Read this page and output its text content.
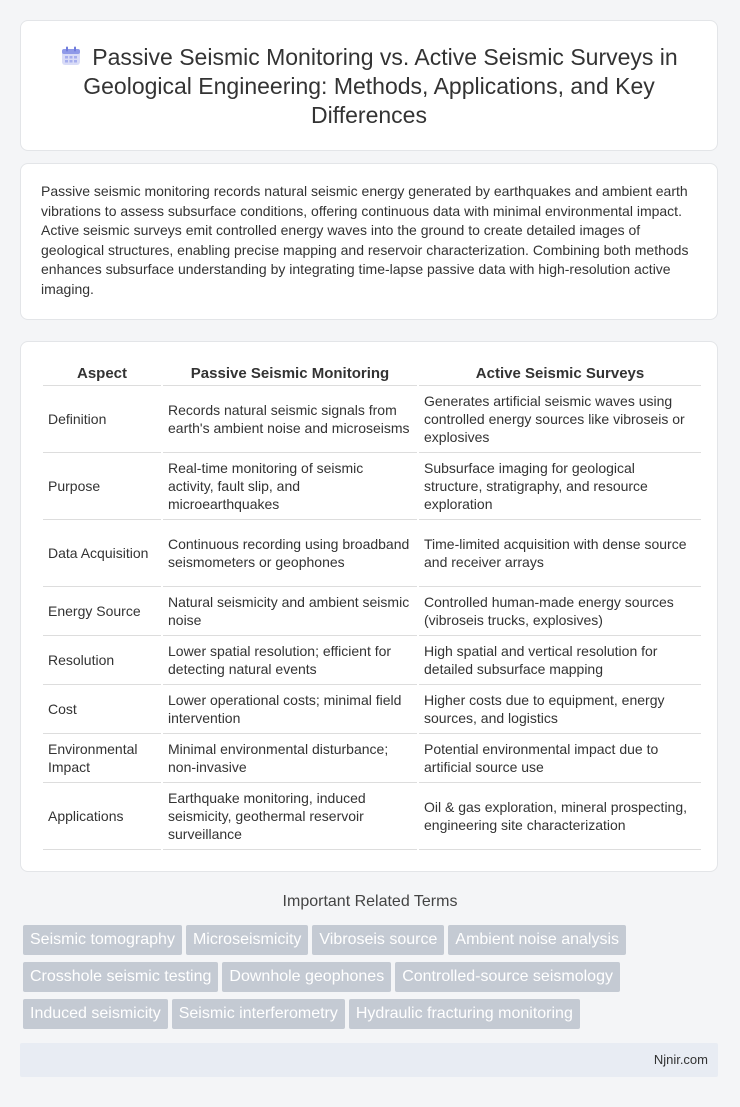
Passive Seismic Monitoring vs. Active Seismic Surveys in Geological Engineering: Methods, Applications, and Key Differences

Passive seismic monitoring records natural seismic energy generated by earthquakes and ambient earth vibrations to assess subsurface conditions, offering continuous data with minimal environmental impact. Active seismic surveys emit controlled energy waves into the ground to create detailed images of geological structures, enabling precise mapping and reservoir characterization. Combining both methods enhances subsurface understanding by integrating time-lapse passive data with high-resolution active imaging.

Aspect	Passive Seismic Monitoring	Active Seismic Surveys
Definition	Records natural seismic signals from earth's ambient noise and microseisms	Generates artificial seismic waves using controlled energy sources like vibroseis or explosives
Purpose	Real-time monitoring of seismic activity, fault slip, and microearthquakes	Subsurface imaging for geological structure, stratigraphy, and resource exploration
Data Acquisition	Continuous recording using broadband seismometers or geophones	Time-limited acquisition with dense source and receiver arrays
Energy Source	Natural seismicity and ambient seismic noise	Controlled human-made energy sources (vibroseis trucks, explosives)
Resolution	Lower spatial resolution; efficient for detecting natural events	High spatial and vertical resolution for detailed subsurface mapping
Cost	Lower operational costs; minimal field intervention	Higher costs due to equipment, energy sources, and logistics
Environmental Impact	Minimal environmental disturbance; non-invasive	Potential environmental impact due to artificial source use
Applications	Earthquake monitoring, induced seismicity, geothermal reservoir surveillance	Oil & gas exploration, mineral prospecting, engineering site characterization
Important Related Terms
Seismic tomography Microseismicity Vibroseis source Ambient noise analysis
Crosshole seismic testing Downhole geophones Controlled-source seismology
Induced seismicity Seismic interferometry Hydraulic fracturing monitoring
Njnir.com
